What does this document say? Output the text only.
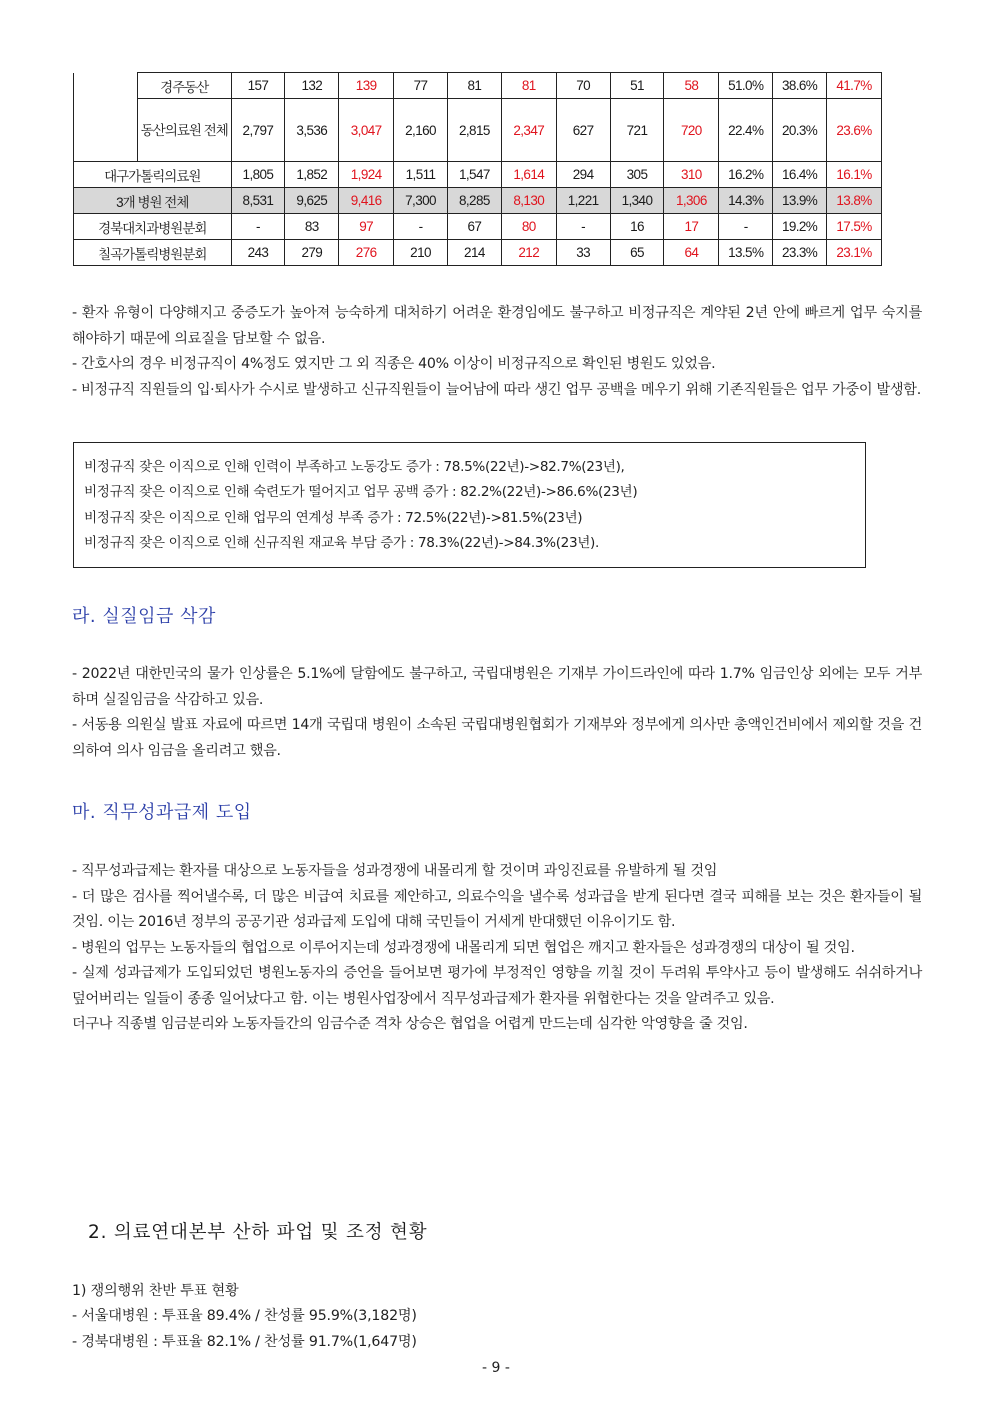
	경주동산	157	132	139	77	81	81	70	51	58	51.0%	38.6%	41.7%
	동산의료원 전체	2,797	3,536	3,047	2,160	2,815	2,347	627	721	720	22.4%	20.3%	23.6%
대구가톨릭의료원		1,805	1,852	1,924	1,511	1,547	1,614	294	305	310	16.2%	16.4%	16.1%
3개 병원 전체		8,531	9,625	9,416	7,300	8,285	8,130	1,221	1,340	1,306	14.3%	13.9%	13.8%
경북대치과병원분회		-	83	97	-	67	80	-	16	17	-	19.2%	17.5%
칠곡가톨릭병원분회		243	279	276	210	214	212	33	65	64	13.5%	23.3%	23.1%

- 환자 유형이 다양해지고 중증도가 높아져 능숙하게 대처하기 어려운 환경임에도 불구하고 비정규직은 계약된 2년 안에 빠르게 업무 숙지를 해야하기 때문에 의료질을 담보할 수 없음.

- 간호사의 경우 비정규직이 4%정도 였지만 그 외 직종은 40% 이상이 비정규직으로 확인된 병원도 있었음.

- 비정규직 직원들의 입·퇴사가 수시로 발생하고 신규직원들이 늘어남에 따라 생긴 업무 공백을 메우기 위해 기존직원들은 업무 가중이 발생함.

비정규직 잦은 이직으로 인해 인력이 부족하고 노동강도 증가 : 78.5%(22년)->82.7%(23년),

비정규직 잦은 이직으로 인해 숙련도가 떨어지고 업무 공백 증가 : 82.2%(22년)->86.6%(23년)

비정규직 잦은 이직으로 인해 업무의 연계성 부족 증가 : 72.5%(22년)->81.5%(23년)

비정규직 잦은 이직으로 인해 신규직원 재교육 부담 증가 : 78.3%(22년)->84.3%(23년).

라. 실질임금 삭감

- 2022년 대한민국의 물가 인상률은 5.1%에 달함에도 불구하고, 국립대병원은 기재부 가이드라인에 따라 1.7% 임금인상 외에는 모두 거부하며 실질임금을 삭감하고 있음.

- 서동용 의원실 발표 자료에 따르면 14개 국립대 병원이 소속된 국립대병원협회가 기재부와 정부에게 의사만 총액인건비에서 제외할 것을 건의하여 의사 임금을 올리려고 했음.

마. 직무성과급제 도입

- 직무성과급제는 환자를 대상으로 노동자들을 성과경쟁에 내몰리게 할 것이며 과잉진료를 유발하게 될 것임

- 더 많은 검사를 찍어낼수록, 더 많은 비급여 치료를 제안하고, 의료수익을 낼수록 성과급을 받게 된다면 결국 피해를 보는 것은 환자들이 될 것임. 이는 2016년 정부의 공공기관 성과급제 도입에 대해 국민들이 거세게 반대했던 이유이기도 함.

- 병원의 업무는 노동자들의 협업으로 이루어지는데 성과경쟁에 내몰리게 되면 협업은 깨지고 환자들은 성과경쟁의 대상이 될 것임.

- 실제 성과급제가 도입되었던 병원노동자의 증언을 들어보면 평가에 부정적인 영향을 끼칠 것이 두려워 투약사고 등이 발생해도 쉬쉬하거나 덮어버리는 일들이 종종 일어났다고 함. 이는 병원사업장에서 직무성과급제가 환자를 위협한다는 것을 알려주고 있음.

더구나 직종별 임금분리와 노동자들간의 임금수준 격차 상승은 협업을 어렵게 만드는데 심각한 악영향을 줄 것임.

2. 의료연대본부 산하 파업 및 조정 현황
1) 쟁의행위 찬반 투표 현황
- 서울대병원 : 투표율 89.4% / 찬성률 95.9%(3,182명)
- 경북대병원 : 투표율 82.1% / 찬성률 91.7%(1,647명)
- 9 -
